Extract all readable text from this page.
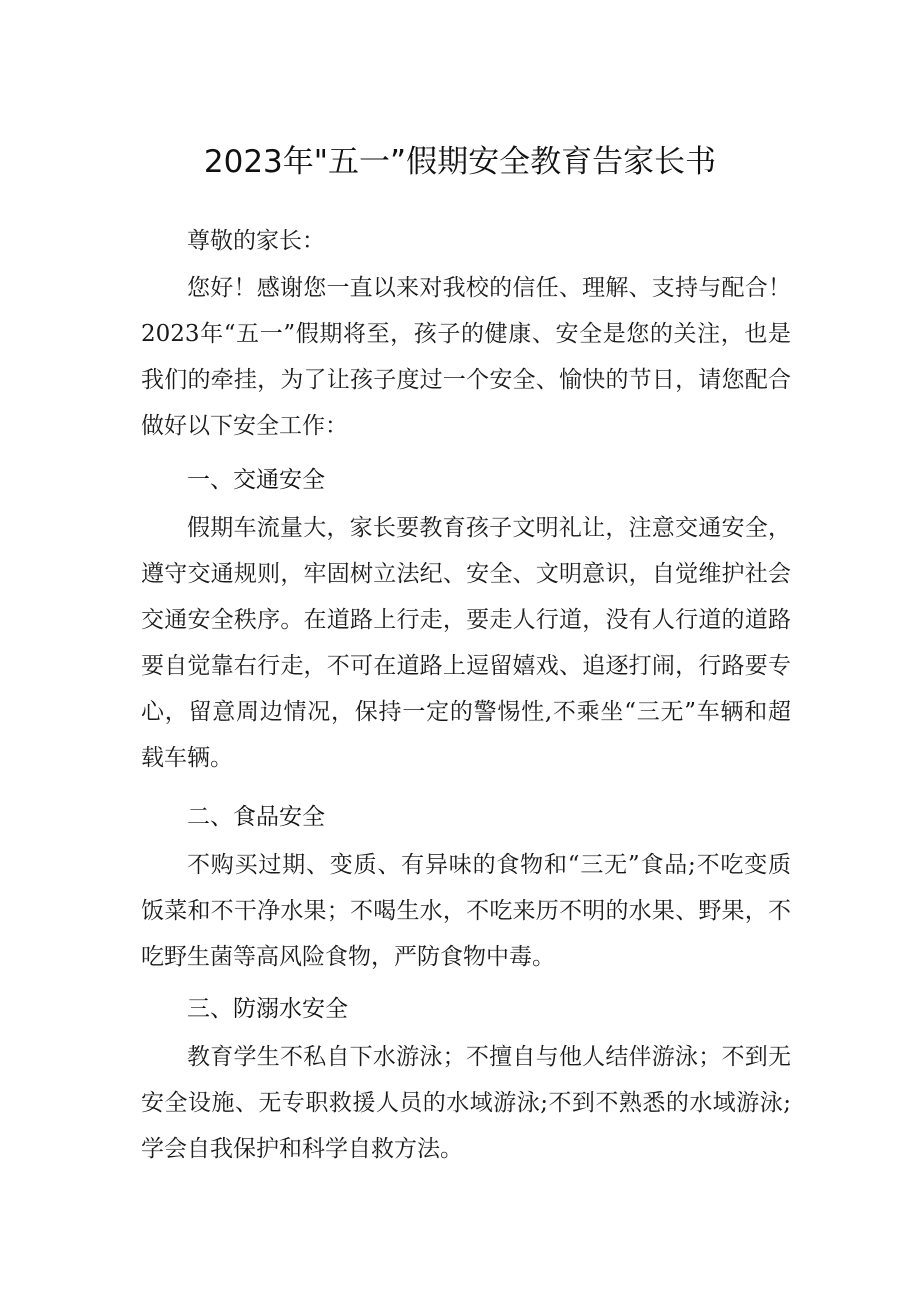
2023年"五一”假期安全教育告家长书

尊敬的家长：

您好！感谢您一直以来对我校的信任、理解、支持与配合！2023年“五一”假期将至，孩子的健康、安全是您的关注，也是我们的牵挂，为了让孩子度过一个安全、愉快的节日，请您配合做好以下安全工作：

一、交通安全

假期车流量大，家长要教育孩子文明礼让，注意交通安全，遵守交通规则，牢固树立法纪、安全、文明意识，自觉维护社会交通安全秩序。在道路上行走，要走人行道，没有人行道的道路要自觉靠右行走，不可在道路上逗留嬉戏、追逐打闹，行路要专心，留意周边情况，保持一定的警惕性,不乘坐“三无”车辆和超载车辆。

二、食品安全

不购买过期、变质、有异味的食物和“三无”食品;不吃变质饭菜和不干净水果；不喝生水，不吃来历不明的水果、野果，不吃野生菌等高风险食物，严防食物中毒。

三、防溺水安全

教育学生不私自下水游泳；不擅自与他人结伴游泳；不到无安全设施、无专职救援人员的水域游泳;不到不熟悉的水域游泳;学会自我保护和科学自救方法。
